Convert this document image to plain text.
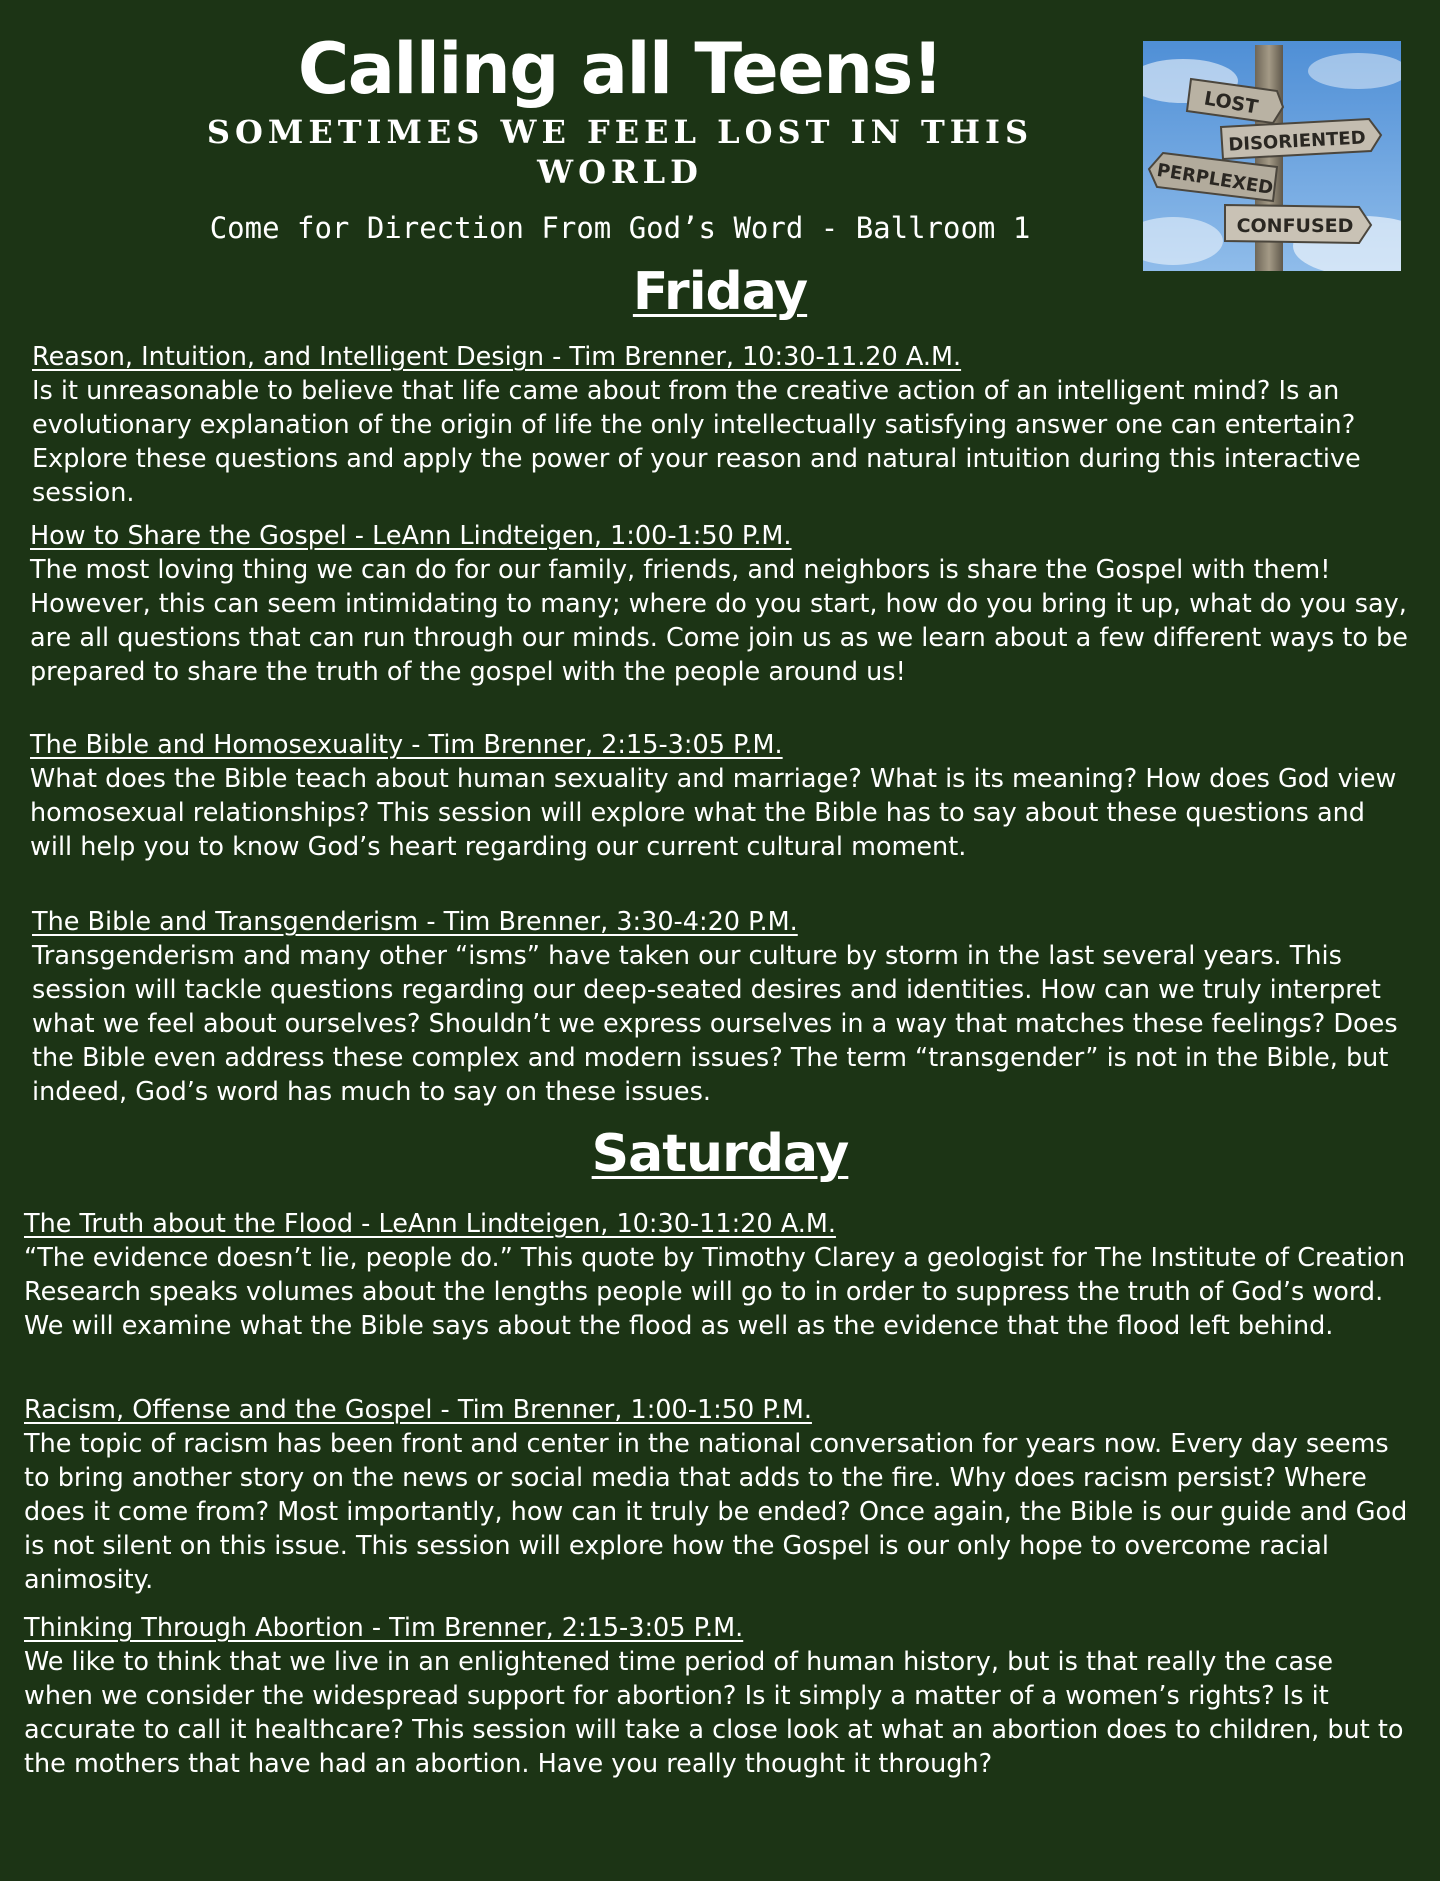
Calling all Teens!

SOMETIMES WE FEEL LOST IN THIS WORLD

Come for Direction From God’s Word - Ballroom 1

LOST
DISORIENTED
PERPLEXED
CONFUSED
Friday
Reason, Intuition, and Intelligent Design - Tim Brenner, 10:30-11.20 A.M.

Is it unreasonable to believe that life came about from the creative action of an intelligent mind? Is an evolutionary explanation of the origin of life the only intellectually satisfying answer one can entertain? Explore these questions and apply the power of your reason and natural intuition during this interactive session.

How to Share the Gospel - LeAnn Lindteigen, 1:00-1:50 P.M.

The most loving thing we can do for our family, friends, and neighbors is share the Gospel with them! However, this can seem intimidating to many; where do you start, how do you bring it up, what do you say, are all questions that can run through our minds. Come join us as we learn about a few different ways to be prepared to share the truth of the gospel with the people around us!

The Bible and Homosexuality - Tim Brenner, 2:15-3:05 P.M.

What does the Bible teach about human sexuality and marriage? What is its meaning? How does God view homosexual relationships? This session will explore what the Bible has to say about these questions and will help you to know God’s heart regarding our current cultural moment.

The Bible and Transgenderism - Tim Brenner, 3:30-4:20 P.M.

Transgenderism and many other “isms” have taken our culture by storm in the last several years. This session will tackle questions regarding our deep-seated desires and identities. How can we truly interpret what we feel about ourselves? Shouldn’t we express ourselves in a way that matches these feelings? Does the Bible even address these complex and modern issues? The term “transgender” is not in the Bible, but indeed, God’s word has much to say on these issues.

Saturday
The Truth about the Flood - LeAnn Lindteigen, 10:30-11:20 A.M.

“The evidence doesn’t lie, people do.” This quote by Timothy Clarey a geologist for The Institute of Creation Research speaks volumes about the lengths people will go to in order to suppress the truth of God’s word. We will examine what the Bible says about the flood as well as the evidence that the flood left behind.

Racism, Offense and the Gospel - Tim Brenner, 1:00-1:50 P.M.

The topic of racism has been front and center in the national conversation for years now. Every day seems to bring another story on the news or social media that adds to the fire. Why does racism persist? Where does it come from? Most importantly, how can it truly be ended? Once again, the Bible is our guide and God is not silent on this issue. This session will explore how the Gospel is our only hope to overcome racial animosity.

Thinking Through Abortion - Tim Brenner, 2:15-3:05 P.M.

We like to think that we live in an enlightened time period of human history, but is that really the case when we consider the widespread support for abortion? Is it simply a matter of a women’s rights? Is it accurate to call it healthcare? This session will take a close look at what an abortion does to children, but to the mothers that have had an abortion. Have you really thought it through?
